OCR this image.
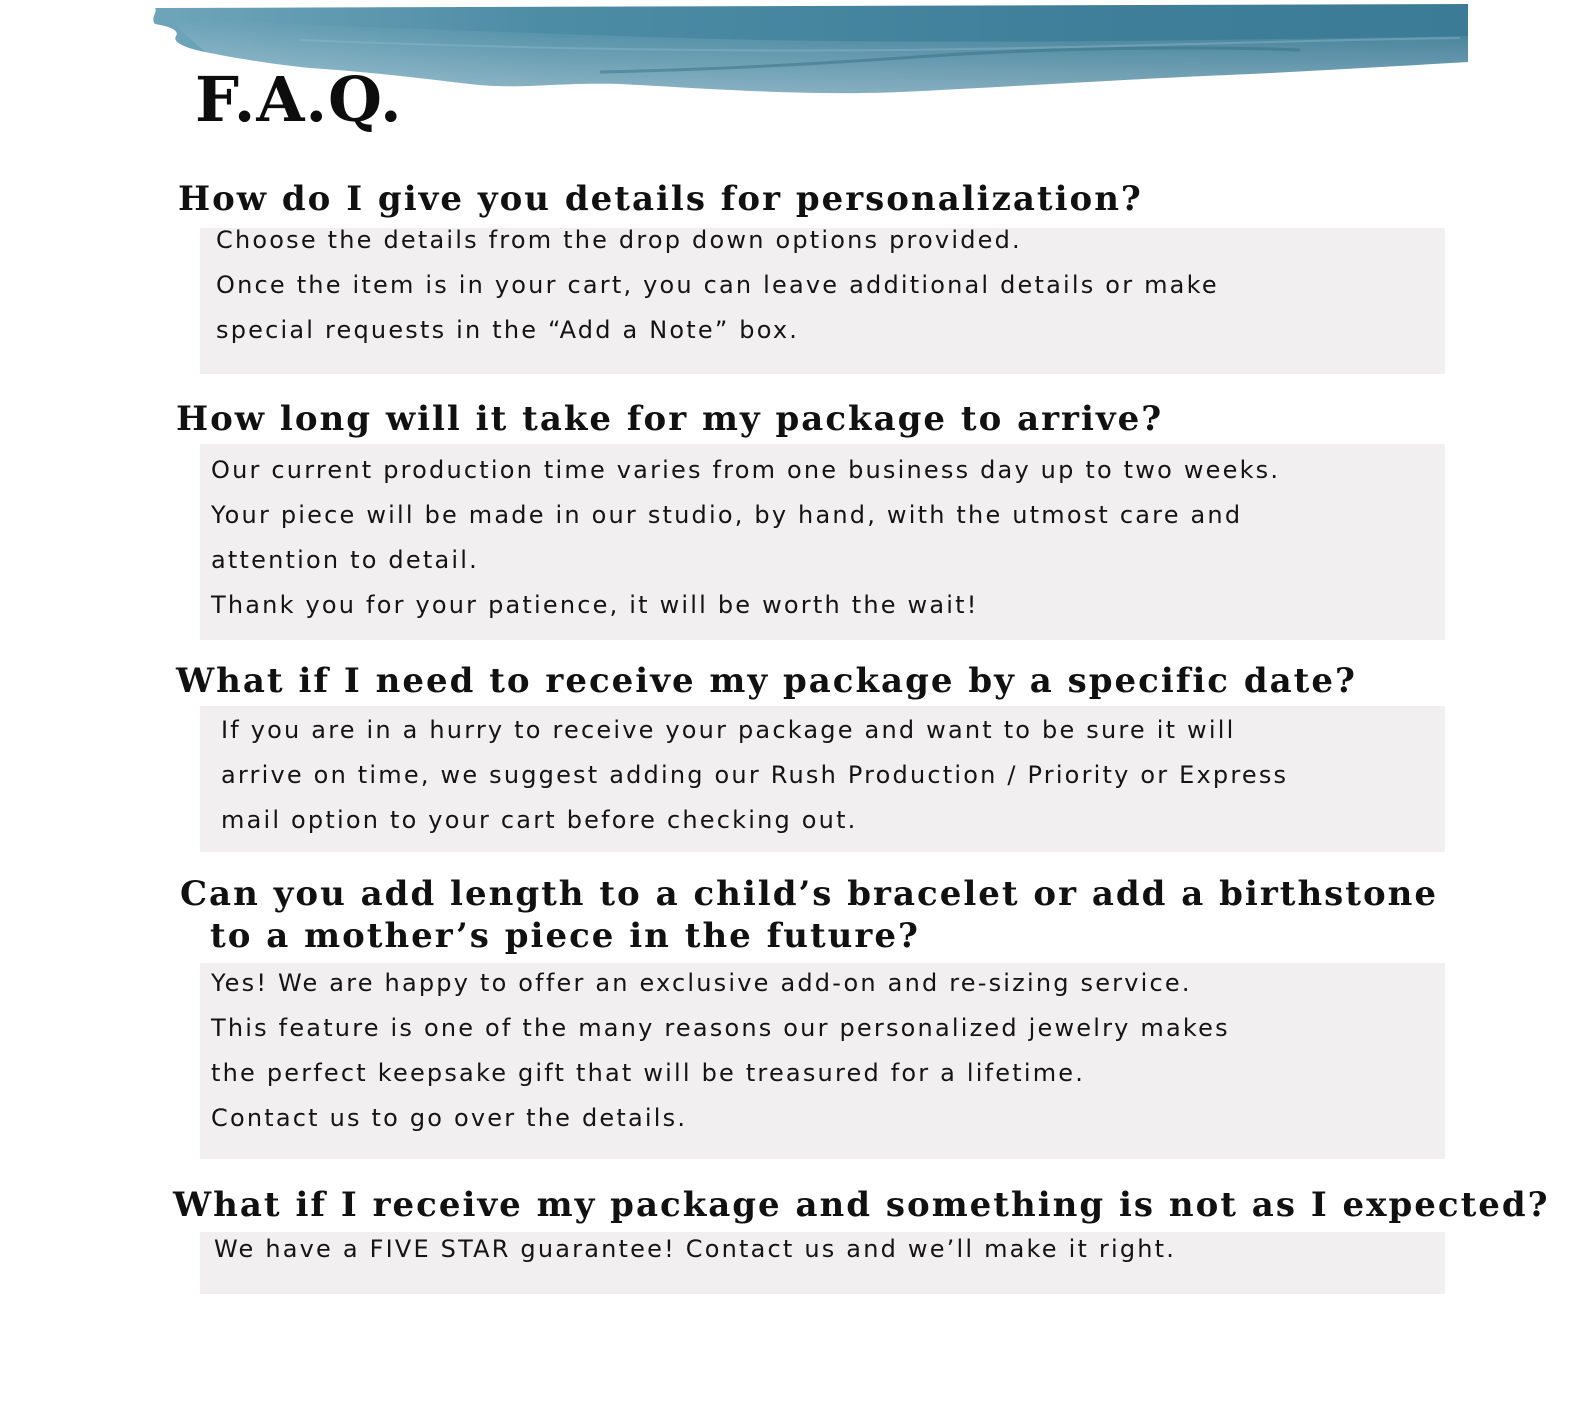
F.A.Q.
How do I give you details for personalization?
Choose the details from the drop down options provided.
Once the item is in your cart, you can leave additional details or make
special requests in the “Add a Note” box.
How long will it take for my package to arrive?
Our current production time varies from one business day up to two weeks.
Your piece will be made in our studio, by hand, with the utmost care and
attention to detail.
Thank you for your patience, it will be worth the wait!
What if I need to receive my package by a specific date?
If you are in a hurry to receive your package and want to be sure it will
arrive on time, we suggest adding our Rush Production / Priority or Express
mail option to your cart before checking out.
Can you add length to a child’s bracelet or add a birthstone
to a mother’s piece in the future?
Yes! We are happy to offer an exclusive add-on and re-sizing service.
This feature is one of the many reasons our personalized jewelry makes
the perfect keepsake gift that will be treasured for a lifetime.
Contact us to go over the details.
What if I receive my package and something is not as I expected?
We have a FIVE STAR guarantee! Contact us and we’ll make it right.
